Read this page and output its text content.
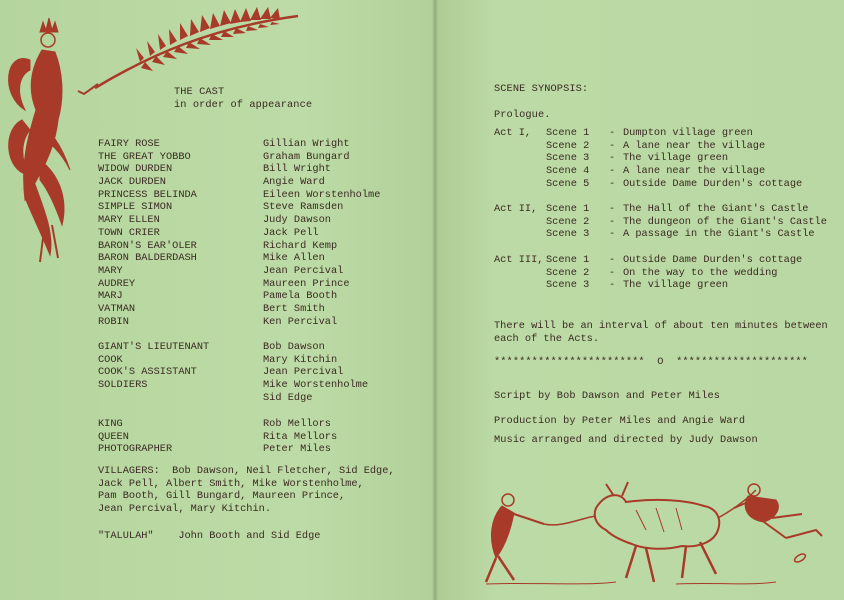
THE CAST
in order of appearance
FAIRY ROSE	Gillian Wright
THE GREAT YOBBO	Graham Bungard
WIDOW DURDEN	Bill Wright
JACK DURDEN	Angie Ward
PRINCESS BELINDA	Eileen Worstenholme
SIMPLE SIMON	Steve Ramsden
MARY ELLEN	Judy Dawson
TOWN CRIER	Jack Pell
BARON'S EAR'OLER	Richard Kemp
BARON BALDERDASH	Mike Allen
MARY	Jean Percival
AUDREY	Maureen Prince
MARJ	Pamela Booth
VATMAN	Bert Smith
ROBIN	Ken Percival
GIANT'S LIEUTENANT	Bob Dawson
COOK	Mary Kitchin
COOK'S ASSISTANT	Jean Percival
SOLDIERS	Mike Worstenholme
Sid Edge
KING	Rob Mellors
QUEEN	Rita Mellors
PHOTOGRAPHER	Peter Miles
VILLAGERS:  Bob Dawson, Neil Fletcher, Sid Edge,
Jack Pell, Albert Smith, Mike Worstenholme,
Pam Booth, Gill Bungard, Maureen Prince,
Jean Percival, Mary Kitchin.
"TALULAH"    John Booth and Sid Edge
SCENE SYNOPSIS:
Prologue.
Act I,	Scene 1	- Dumpton village green
Scene 2	- A lane near the village
Scene 3	- The village green
Scene 4	- A lane near the village
Scene 5	- Outside Dame Durden's cottage
Act II, Scene 1	- The Hall of the Giant's Castle
Scene 2	- The dungeon of the Giant's Castle
Scene 3	- A passage in the Giant's Castle
Act III, Scene 1	- Outside Dame Durden's cottage
Scene 2	- On the way to the wedding
Scene 3	- The village green
There will be an interval of about ten minutes between
each of the Acts.
************************  O  *********************
Script by Bob Dawson and Peter Miles
Production by Peter Miles and Angie Ward
Music arranged and directed by Judy Dawson
